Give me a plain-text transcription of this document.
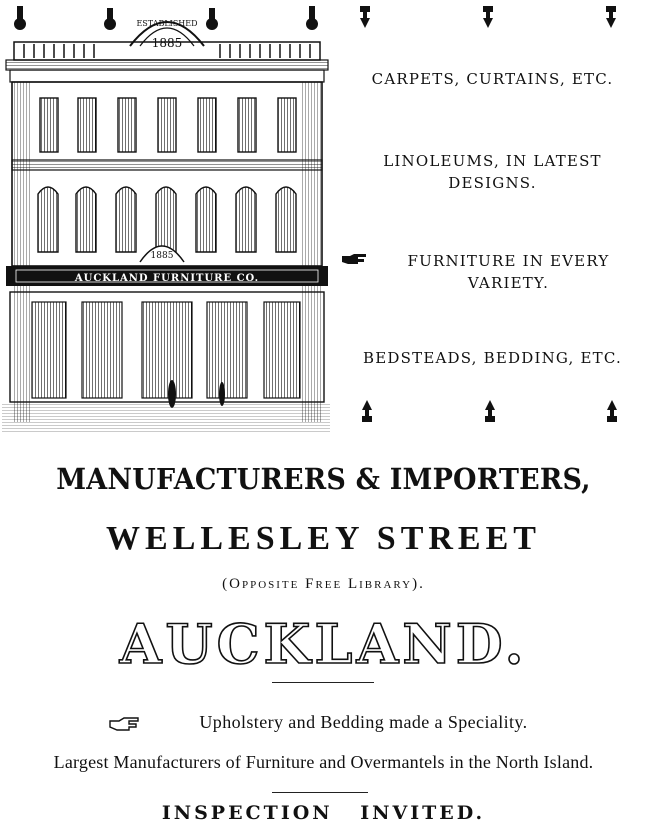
ESTABLISHED
1885
1885
AUCKLAND FURNITURE CO.
CARPETS, CURTAINS, ETC.
LINOLEUMS, IN LATEST DESIGNS.
FURNITURE IN EVERY VARIETY.
BEDSTEADS, BEDDING, ETC.
MANUFACTURERS & IMPORTERS,
WELLESLEY STREET
(Opposite Free Library).
AUCKLAND.
Upholstery and Bedding made a Speciality.
Largest Manufacturers of Furniture and Overmantels in the North Island.
INSPECTION INVITED.
